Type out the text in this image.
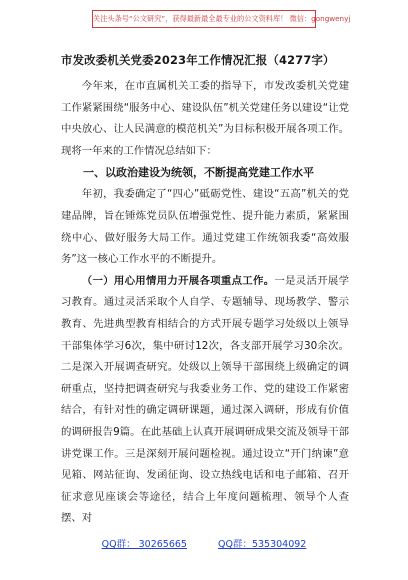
关注头条号“公文研究”，获得最新最全最专业的公文资料库！ 微信：gongwenyj
市发改委机关党委2023年工作情况汇报（4277字）

今年来，在市直属机关工委的指导下，市发改委机关党建工作紧紧围绕“服务中心、建设队伍”机关党建任务以建设“让党中央放心、让人民满意的模范机关”为目标积极开展各项工作。现将一年来的工作情况总结如下：

一、以政治建设为统领，不断提高党建工作水平

年初，我委确定了“四心”砥砺党性、建设“五高”机关的党建品牌，旨在锤炼党员队伍增强党性、提升能力素质，紧紧围绕中心、做好服务大局工作。通过党建工作统领我委“高效服务”这一核心工作水平的不断提升。

（一）用心用情用力开展各项重点工作。一是灵活开展学习教育。通过灵活采取个人自学、专题辅导、现场教学、警示教育、先进典型教育相结合的方式开展专题学习处级以上领导干部集体学习6次，集中研讨12次，各支部开展学习30余次。二是深入开展调查研究。处级以上领导干部围绕上级确定的调研重点，坚持把调查研究与我委业务工作、党的建设工作紧密结合，有针对性的确定调研课题，通过深入调研，形成有价值的调研报告9篇。在此基础上认真开展调研成果交流及领导干部讲党课工作。三是深刻开展问题检视。通过设立“开门纳谏”意见箱、网站征询、发函征询、设立热线电话和电子邮箱、召开征求意见座谈会等途径，结合上年度问题梳理、领导个人查摆、对

QQ群： 30265665	QQ群：535304092
